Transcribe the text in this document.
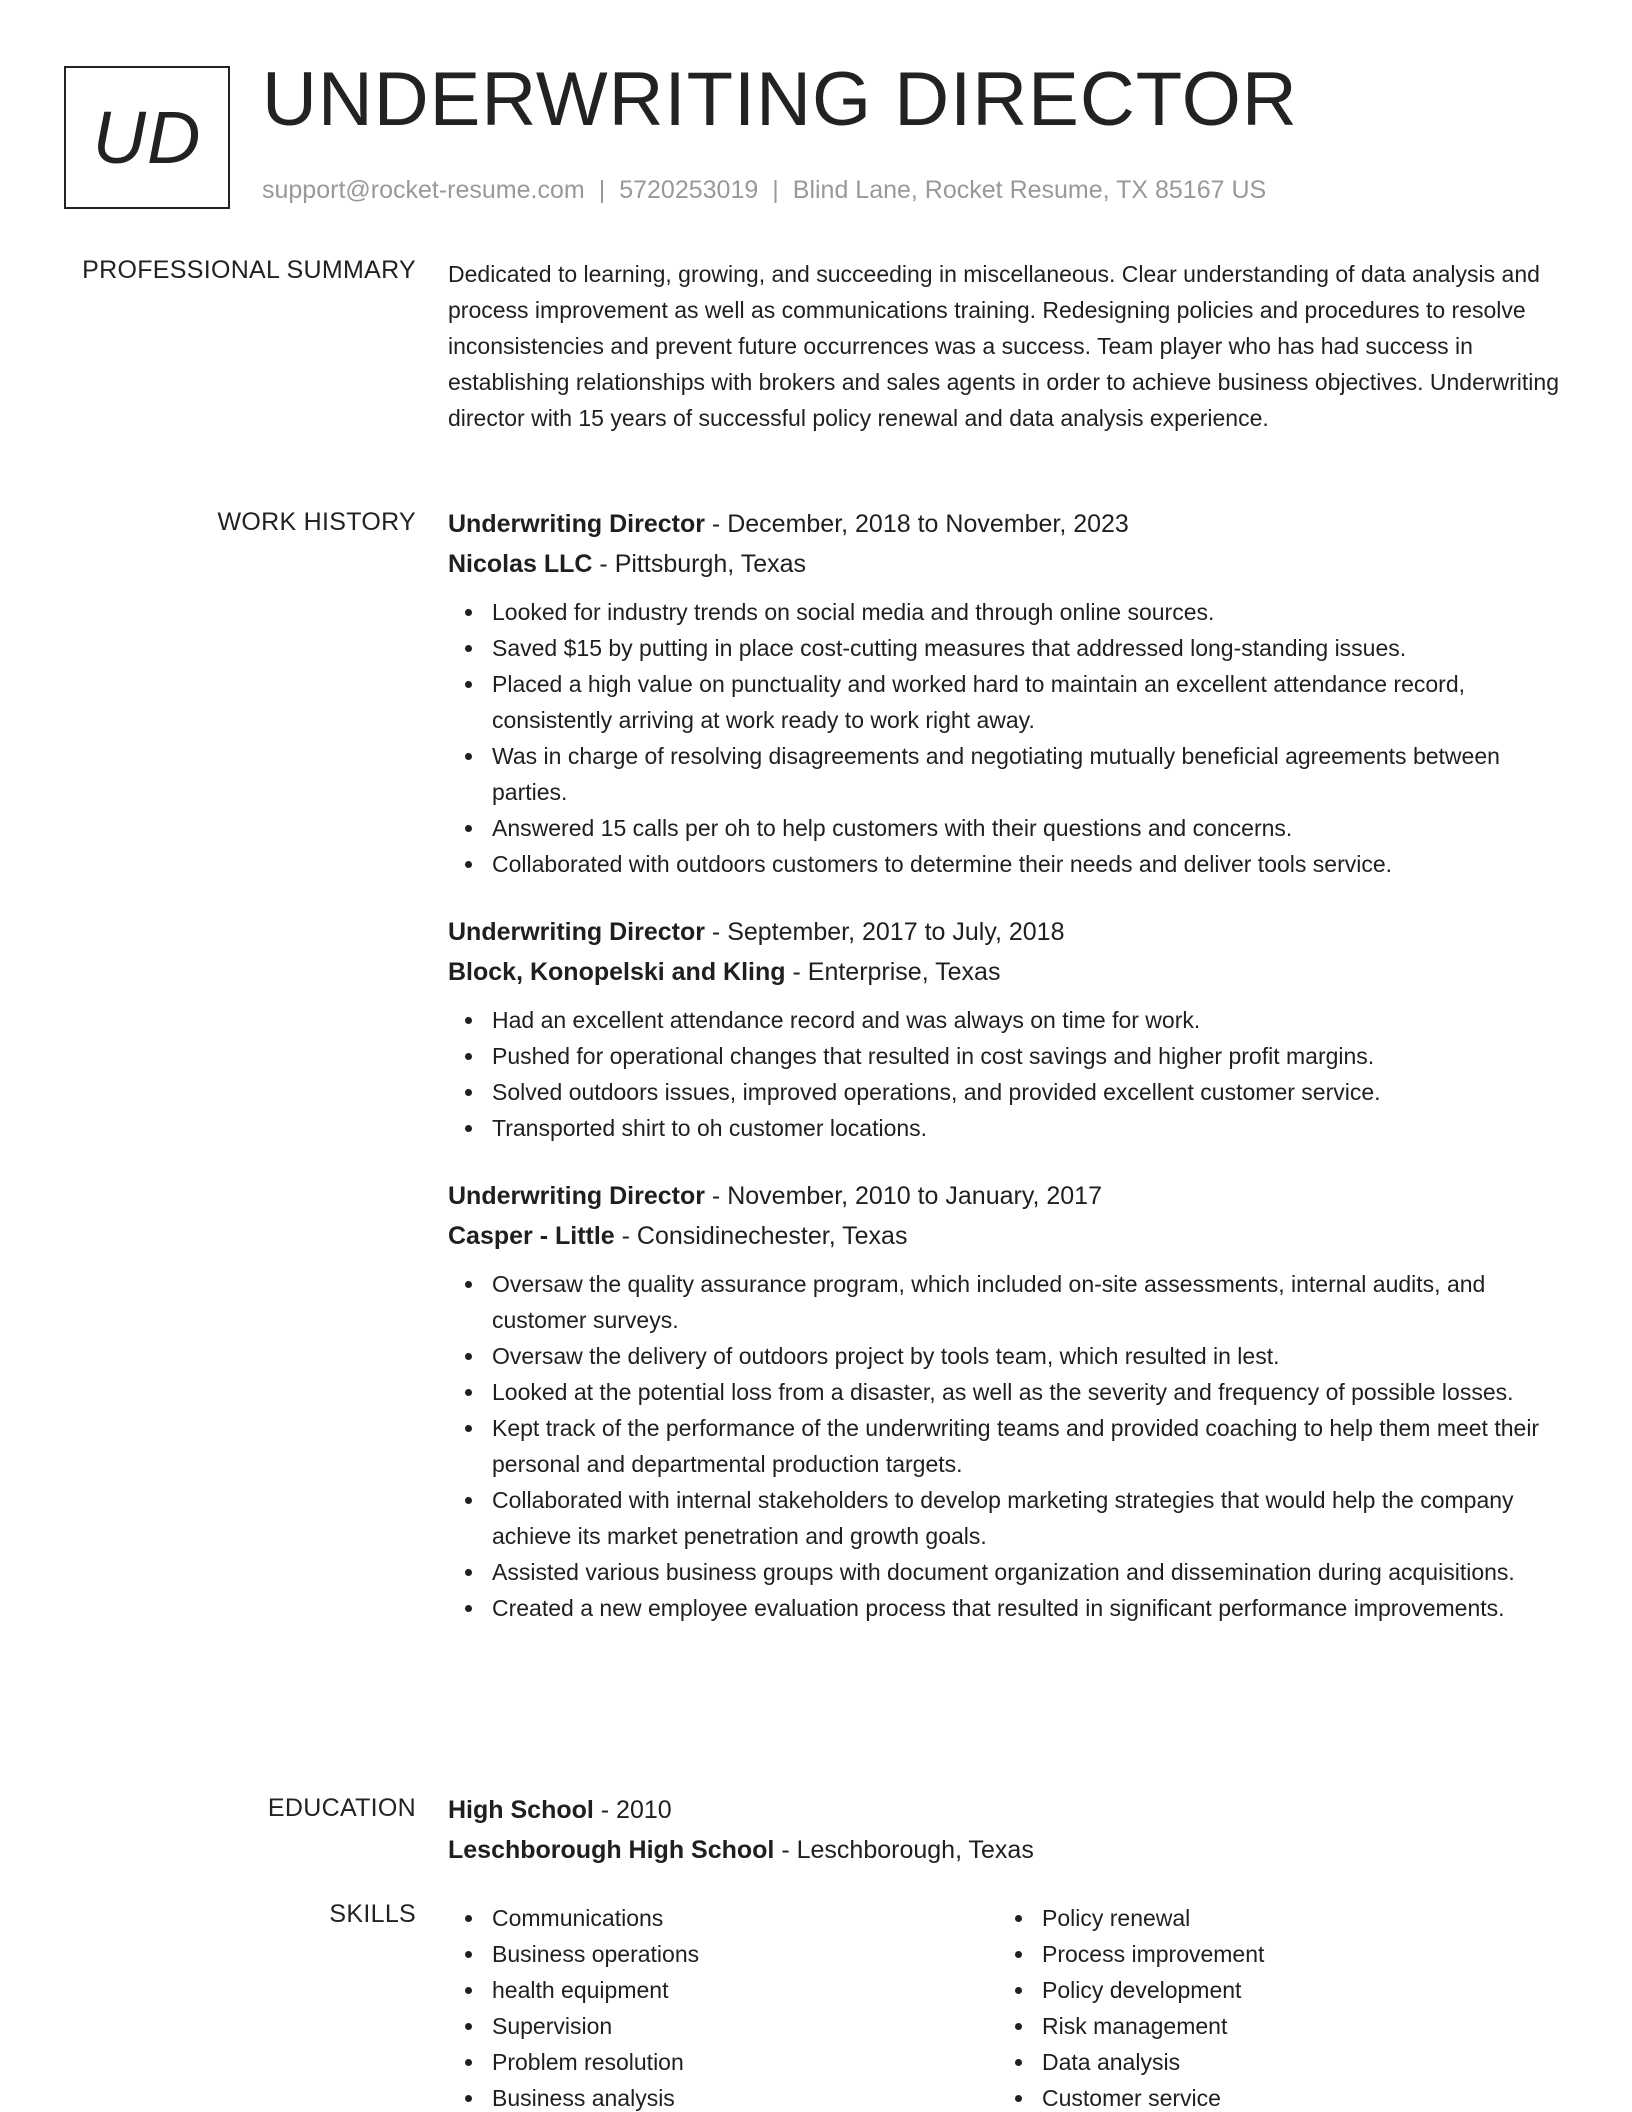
UD UNDERWRITING DIRECTOR
support@rocket-resume.com | 5720253019 | Blind Lane, Rocket Resume, TX 85167 US
PROFESSIONAL SUMMARY Dedicated to learning, growing, and succeeding in miscellaneous. Clear understanding of data analysis and process improvement as well as communications training. Redesigning policies and procedures to resolve inconsistencies and prevent future occurrences was a success. Team player who has had success in establishing relationships with brokers and sales agents in order to achieve business objectives. Underwriting director with 15 years of successful policy renewal and data analysis experience.
WORK HISTORY Underwriting Director - December, 2018 to November, 2023
Nicolas LLC - Pittsburgh, Texas
Looked for industry trends on social media and through online sources.
Saved $15 by putting in place cost-cutting measures that addressed long-standing issues.
Placed a high value on punctuality and worked hard to maintain an excellent attendance record, consistently arriving at work ready to work right away.
Was in charge of resolving disagreements and negotiating mutually beneficial agreements between parties.
Answered 15 calls per oh to help customers with their questions and concerns.
Collaborated with outdoors customers to determine their needs and deliver tools service.
Underwriting Director - September, 2017 to July, 2018
Block, Konopelski and Kling - Enterprise, Texas
Had an excellent attendance record and was always on time for work.
Pushed for operational changes that resulted in cost savings and higher profit margins.
Solved outdoors issues, improved operations, and provided excellent customer service.
Transported shirt to oh customer locations.
Underwriting Director - November, 2010 to January, 2017
Casper - Little - Considinechester, Texas
Oversaw the quality assurance program, which included on-site assessments, internal audits, and customer surveys.
Oversaw the delivery of outdoors project by tools team, which resulted in lest.
Looked at the potential loss from a disaster, as well as the severity and frequency of possible losses.
Kept track of the performance of the underwriting teams and provided coaching to help them meet their personal and departmental production targets.
Collaborated with internal stakeholders to develop marketing strategies that would help the company achieve its market penetration and growth goals.
Assisted various business groups with document organization and dissemination during acquisitions.
Created a new employee evaluation process that resulted in significant performance improvements.
EDUCATION High School - 2010
Leschborough High School - Leschborough, Texas
SKILLS	Communications
Business operations
health equipment
Supervision
Problem resolution
Business analysis
Policy renewal
Process improvement
Policy development
Risk management
Data analysis
Customer service
